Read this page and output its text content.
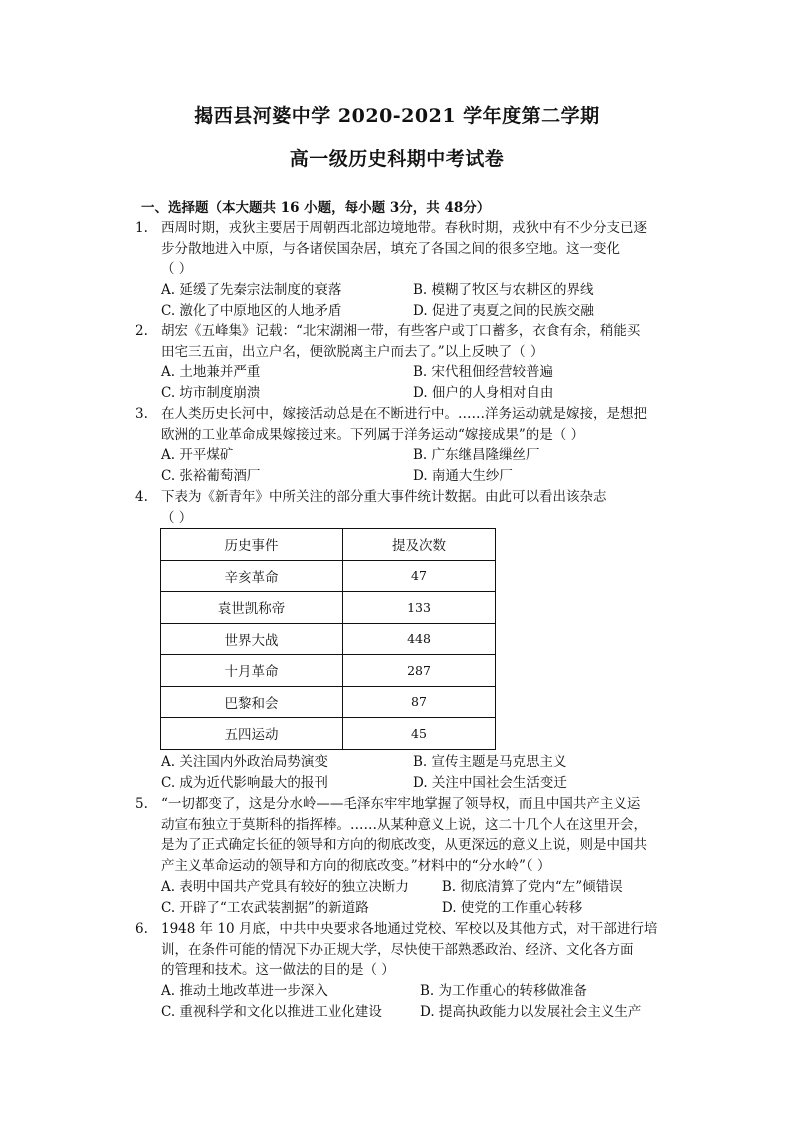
揭西县河婆中学 2020-2021 学年度第二学期
高一级历史科期中考试卷
一、选择题（本大题共 16 小题，每小题 3分，共 48分）
1. 西周时期，戎狄主要居于周朝西北部边境地带。春秋时期，戎狄中有不少分支已逐
步分散地进入中原，与各诸侯国杂居，填充了各国之间的很多空地。这一变化
（ ）
A. 延缓了先秦宗法制度的衰落	B. 模糊了牧区与农耕区的界线
C. 激化了中原地区的人地矛盾	D. 促进了夷夏之间的民族交融
2. 胡宏《五峰集》记载：“北宋湖湘一带，有些客户或丁口蓄多，衣食有余，稍能买
田宅三五亩，出立户名，便欲脱离主户而去了。”以上反映了（ ）
A. 土地兼并严重	B. 宋代租佃经营较普遍
C. 坊市制度崩溃	D. 佃户的人身相对自由
3. 在人类历史长河中，嫁接活动总是在不断进行中。……洋务运动就是嫁接，是想把
欧洲的工业革命成果嫁接过来。下列属于洋务运动“嫁接成果”的是（ ）
A. 开平煤矿	B. 广东继昌隆缫丝厂
C. 张裕葡萄酒厂	D. 南通大生纱厂
4. 下表为《新青年》中所关注的部分重大事件统计数据。由此可以看出该杂志
（ ）
历史事件	提及次数
辛亥革命	47
袁世凯称帝	133
世界大战	448
十月革命	287
巴黎和会	87
五四运动	45
A. 关注国内外政治局势演变	B. 宣传主题是马克思主义
C. 成为近代影响最大的报刊	D. 关注中国社会生活变迁
5. “一切都变了，这是分水岭——毛泽东牢牢地掌握了领导权，而且中国共产主义运
动宣布独立于莫斯科的指挥棒。……从某种意义上说，这二十几个人在这里开会，
是为了正式确定长征的领导和方向的彻底改变，从更深远的意义上说，则是中国共
产主义革命运动的领导和方向的彻底改变。”材料中的“分水岭”（ ）
A. 表明中国共产党具有较好的独立决断力	B. 彻底清算了党内“左”倾错误
C. 开辟了“工农武装割据”的新道路	D. 使党的工作重心转移
6. 1948 年 10 月底，中共中央要求各地通过党校、军校以及其他方式，对干部进行培
训，在条件可能的情况下办正规大学，尽快使干部熟悉政治、经济、文化各方面
的管理和技术。这一做法的目的是（ ）
A. 推动土地改革进一步深入	B. 为工作重心的转移做准备
C. 重视科学和文化以推进工业化建设	D. 提高执政能力以发展社会主义生产
